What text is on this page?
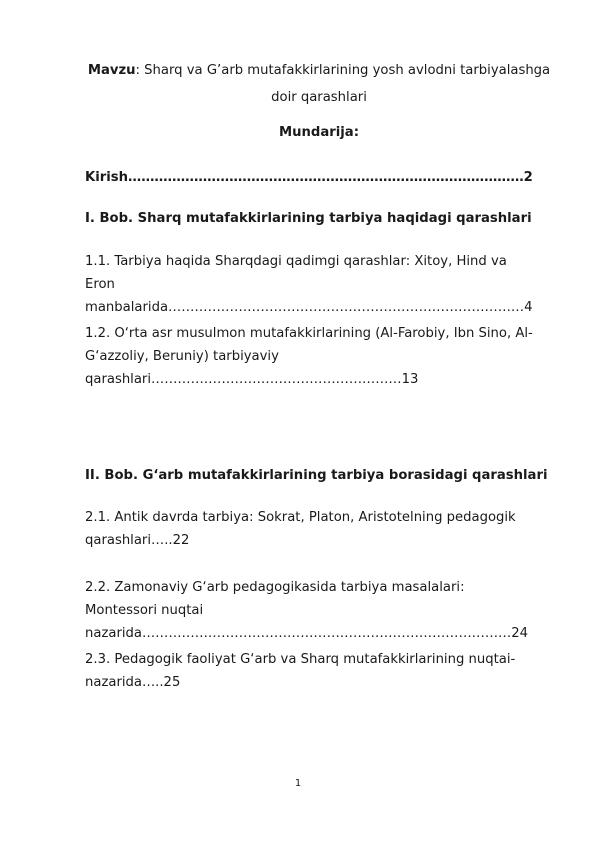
Mavzu: Sharq va G’arb mutafakkirlarining yosh avlodni tarbiyalashga doir qarashlari
Mundarija:
Kirish………………………………………………………………………………2
I. Bob. Sharq mutafakkirlarining tarbiya haqidagi qarashlari
1.1. Tarbiya haqida Sharqdagi qadimgi qarashlar: Xitoy, Hind va Eron manbalarida………………………………………………………………………4
1.2. O‘rta asr musulmon mutafakkirlarining (Al-Farobiy, Ibn Sino, Al-G‘azzoliy, Beruniy) tarbiyaviy qarashlari…………………………………………………13
II. Bob. G‘arb mutafakkirlarining tarbiya borasidagi qarashlari
2.1. Antik davrda tarbiya: Sokrat, Platon, Aristotelning pedagogik qarashlari…..22
2.2. Zamonaviy G‘arb pedagogikasida tarbiya masalalari: Montessori nuqtai nazarida…………………………………………………………………………24
2.3. Pedagogik faoliyat G‘arb va Sharq mutafakkirlarining nuqtai-nazarida…..25
1
